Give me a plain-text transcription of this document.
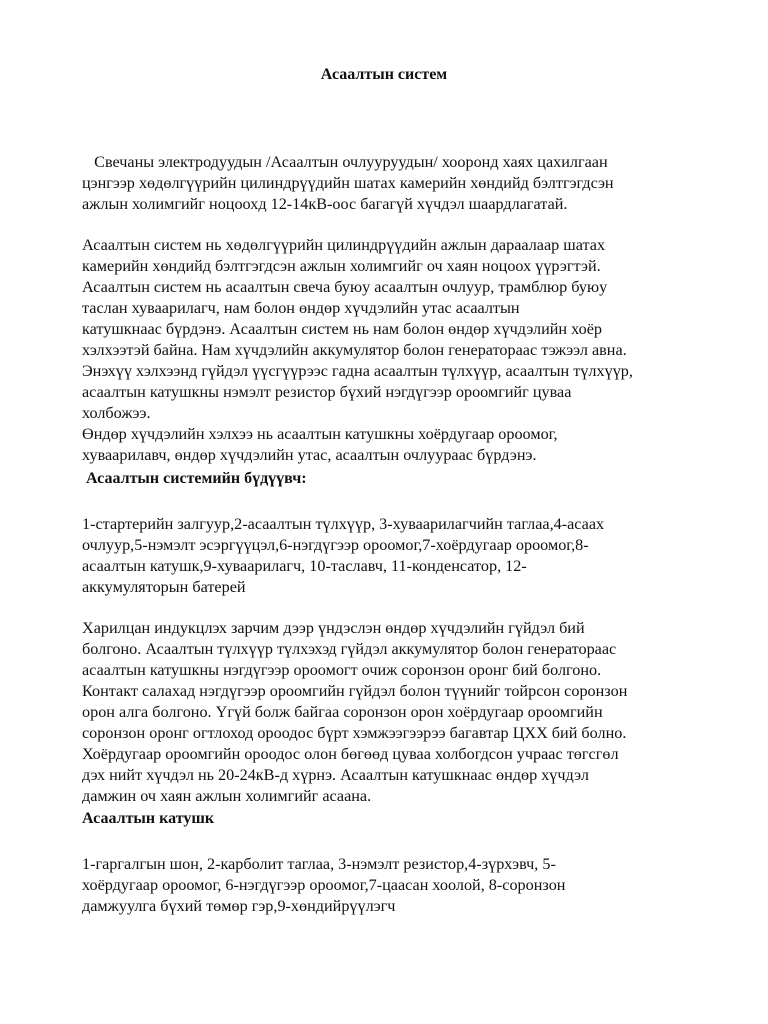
Асаалтын систем

Свечаны электродуудын /Асаалтын очлууруудын/ хооронд хаях цахилгаан
цэнгээр хөдөлгүүрийн цилиндрүүдийн шатах камерийн хөндийд бэлтгэгдсэн
ажлын холимгийг ноцоохд 12-14кВ-оос багагүй хүчдэл шаардлагатай.

Асаалтын систем нь хөдөлгүүрийн цилиндрүүдийн ажлын дараалаар шатах
камерийн хөндийд бэлтгэгдсэн ажлын холимгийг оч хаян ноцоох үүрэгтэй.
Асаалтын систем нь асаалтын свеча буюу асаалтын очлуур, трамблюр буюу
таслан хуваарилагч, нам болон өндөр хүчдэлийн утас асаалтын
катушкнаас бүрдэнэ. Асаалтын систем нь нам болон өндөр хүчдэлийн хоёр
хэлхээтэй байна. Нам хүчдэлийн аккумулятор болон генератораас тэжээл авна.
Энэхүү хэлхээнд гүйдэл үүсгүүрээс гадна асаалтын түлхүүр, асаалтын түлхүүр,
асаалтын катушкны нэмэлт резистор бүхий нэгдүгээр ороомгийг цуваа
холбожээ.
Өндөр хүчдэлийн хэлхээ нь асаалтын катушкны хоёрдугаар ороомог,
хуваарилавч, өндөр хүчдэлийн утас, асаалтын очлуураас бүрдэнэ.

Асаалтын системийн бүдүүвч:

1-стартерийн залгуур,2-асаалтын түлхүүр, 3-хуваарилагчийн таглаа,4-асаах
очлуур,5-нэмэлт эсэргүүцэл,6-нэгдүгээр ороомог,7-хоёрдугаар ороомог,8-
асаалтын катушк,9-хуваарилагч, 10-таславч, 11-конденсатор, 12-
аккумуляторын батерей

Харилцан индукцлэх зарчим дээр үндэслэн өндөр хүчдэлийн гүйдэл бий
болгоно. Асаалтын түлхүүр түлхэхэд гүйдэл аккумулятор болон генератораас
асаалтын катушкны нэгдүгээр ороомогт очиж соронзон оронг бий болгоно.
Контакт салахад нэгдүгээр ороомгийн гүйдэл болон түүнийг тойрсон соронзон
орон алга болгоно. Үгүй болж байгаа соронзон орон хоёрдугаар ороомгийн
соронзон оронг огтлоход ороодос бүрт хэмжээгээрээ багавтар ЦХХ бий болно.
Хоёрдугаар ороомгийн ороодос олон бөгөөд цуваа холбогдсон учраас төгсгөл
дэх нийт хүчдэл нь 20-24кВ-д хүрнэ. Асаалтын катушкнаас өндөр хүчдэл
дамжин оч хаян ажлын холимгийг асаана.

Асаалтын катушк

1-гаргалгын шон, 2-карболит таглаа, 3-нэмэлт резистор,4-зүрхэвч, 5-
хоёрдугаар ороомог, 6-нэгдүгээр ороомог,7-цаасан хоолой, 8-соронзон
дамжуулга бүхий төмөр гэр,9-хөндийрүүлэгч
